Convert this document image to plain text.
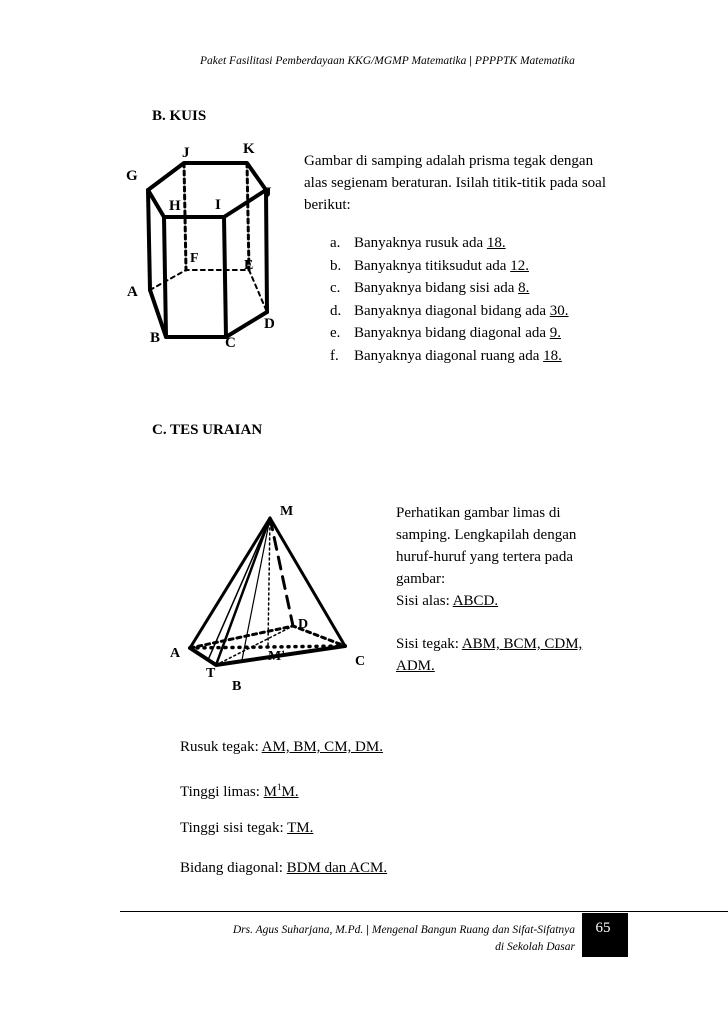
Paket Fasilitasi Pemberdayaan KKG/MGMP Matematika | PPPPTK Matematika
B. KUIS
J	K
G
J
H I
F	E
A
D
B	C
Gambar di samping adalah prisma tegak dengan alas segienam beraturan. Isilah titik-titik pada soal berikut:
a. Banyaknya rusuk ada 18.
b. Banyaknya titiksudut ada 12.
c. Banyaknya bidang sisi ada 8.
d. Banyaknya diagonal bidang ada 30.
e. Banyaknya bidang diagonal ada 9.
f. Banyaknya diagonal ruang ada 18.
C. TES URAIAN
M
D
A	M¹	C
T
B
Perhatikan gambar limas di samping. Lengkapilah dengan huruf-huruf yang tertera pada gambar:
Sisi alas: ABCD.
Sisi tegak: ABM, BCM, CDM,
ADM.
Rusuk tegak: AM, BM, CM, DM.
Tinggi limas: $M^1M$.
Tinggi sisi tegak: TM.
Bidang diagonal: BDM dan ACM.
Drs. Agus Suharjana, M.Pd. | Mengenal Bangun Ruang dan Sifat-Sifatnya
di Sekolah Dasar
65
